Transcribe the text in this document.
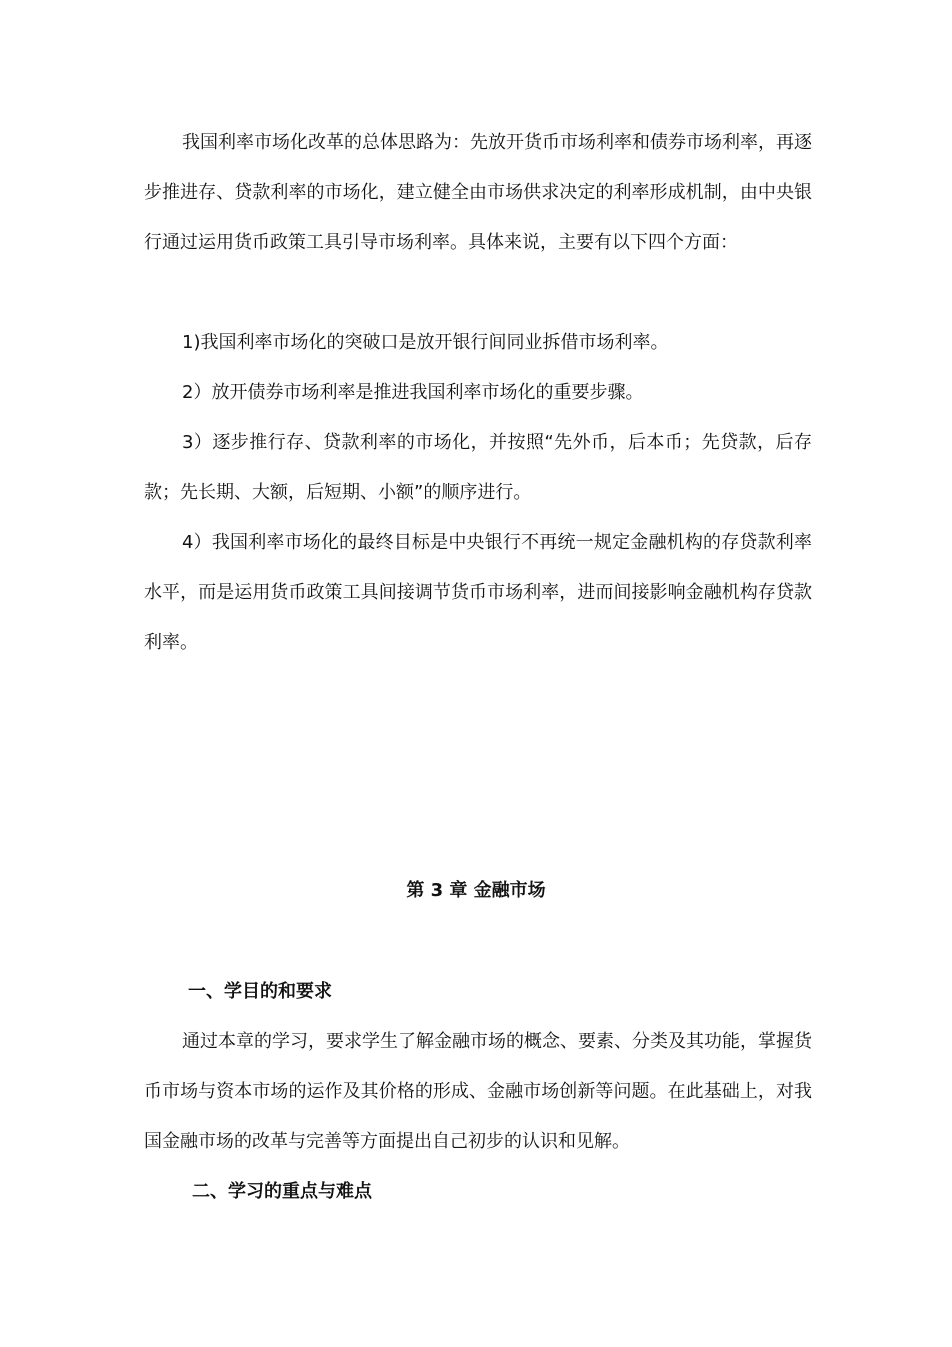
我国利率市场化改革的总体思路为：先放开货币市场利率和债券市场利率，再逐步推进存、贷款利率的市场化，建立健全由市场供求决定的利率形成机制，由中央银行通过运用货币政策工具引导市场利率。具体来说，主要有以下四个方面：

1)我国利率市场化的突破口是放开银行间同业拆借市场利率。

2）放开债券市场利率是推进我国利率市场化的重要步骤。

3）逐步推行存、贷款利率的市场化，并按照“先外币，后本币；先贷款，后存款；先长期、大额，后短期、小额”的顺序进行。

4）我国利率市场化的最终目标是中央银行不再统一规定金融机构的存贷款利率水平，而是运用货币政策工具间接调节货币市场利率，进而间接影响金融机构存贷款利率。

第 3 章 金融市场
一、学目的和要求

通过本章的学习，要求学生了解金融市场的概念、要素、分类及其功能，掌握货币市场与资本市场的运作及其价格的形成、金融市场创新等问题。在此基础上，对我国金融市场的改革与完善等方面提出自己初步的认识和见解。

二、学习的重点与难点
